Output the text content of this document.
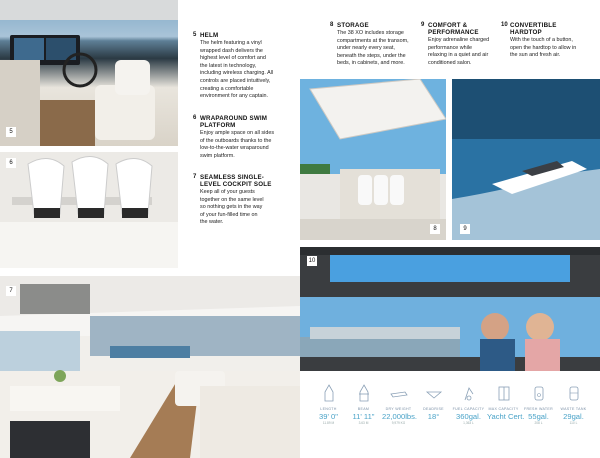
5
6
7
8	9
10
5 HELM
The helm featuring a vinyl
wrapped dash delivers the
highest level of comfort and
the latest in technology,
including wireless charging. All
controls are placed intuitively,
creating a comfortable
environment for any captain.
6 WRAPAROUND SWIM
PLATFORM
Enjoy ample space on all sides
of the outboards thanks to the
low-to-the-water wraparound
swim platform.
7 SEAMLESS SINGLE-
LEVEL COCKPIT SOLE
Keep all of your guests
together on the same level
so nothing gets in the way
of your fun-filled time on
the water.
8 STORAGE
The 38 XO includes storage
compartments at the transom,
under nearly every seat,
beneath the steps, under the
beds, in cabinets, and more.
9 COMFORT &
PERFORMANCE
Enjoy adrenaline charged
performance while
relaxing in a quiet and air
conditioned salon.
10 CONVERTIBLE
HARDTOP
With the touch of a button,
open the hardtop to allow in
the sun and fresh air.
LENGTH
39' 0"
11.89 M
BEAM
11' 11"
3.63 M
DRY WEIGHT
22,000lbs.
9,979 KG
DEADRISE
18°
FUEL CAPACITY
360gal.
1,363 L
MAX CAPACITY
Yacht Cert.
FRESH WATER
55gal.
208 L
WASTE TANK
29gal.
110 L
